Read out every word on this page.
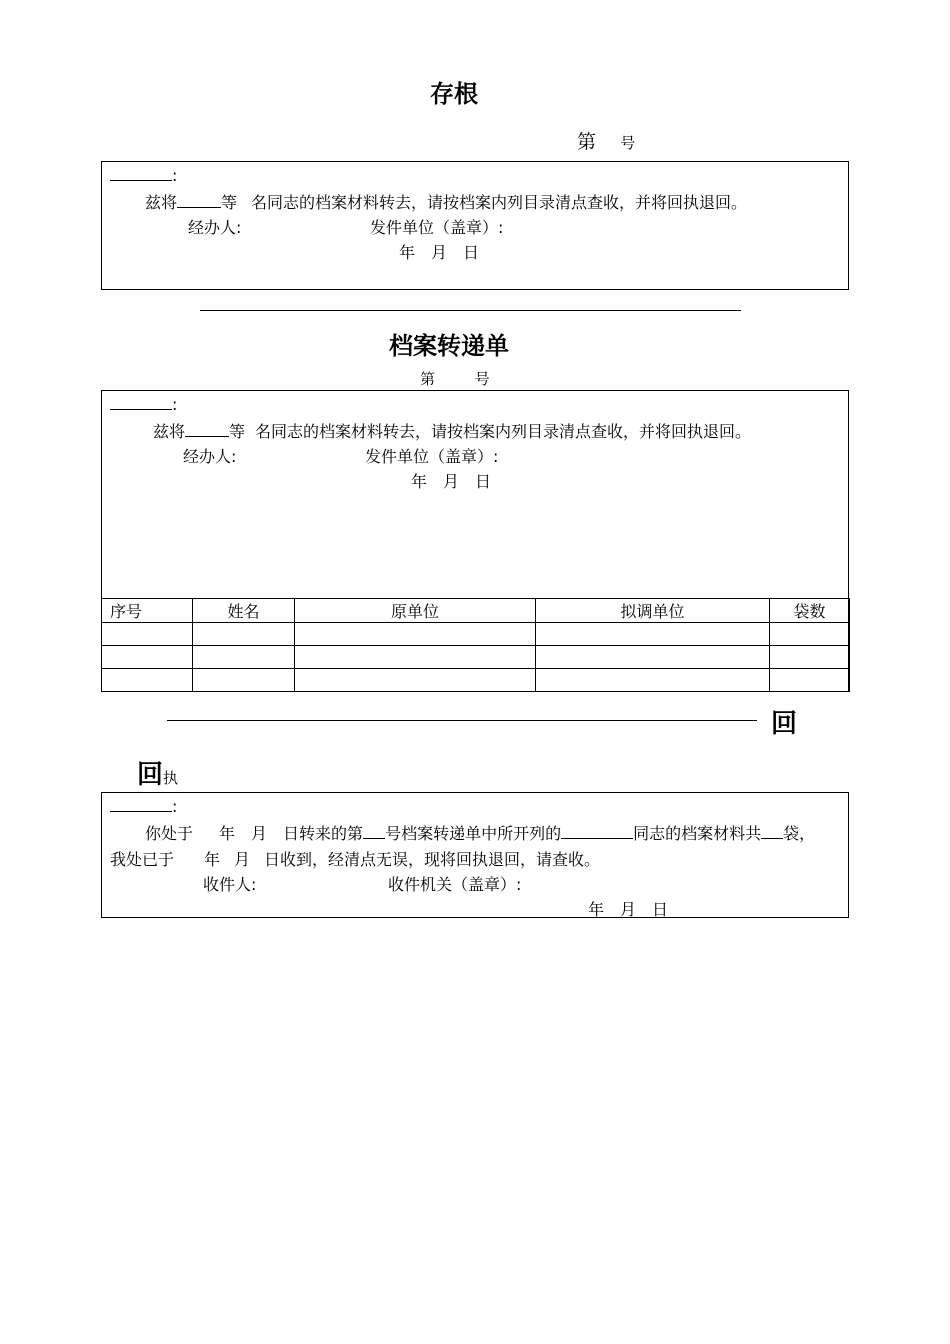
存根
第 号
:
兹将	等 名同志的档案材料转去，请按档案内列目录清点查收，并将回执退回。
经办人:	发件单位（盖章）:
年　月　日
档案转递单
第	号
:
兹将	等 名同志的档案材料转去，请按档案内列目录清点查收，并将回执退回。
经办人:	发件单位（盖章）:
年　月　日
序号	姓名	原单位	拟调单位	袋数

回
回执
:
你处于 年 月 日转来的第 号档案转递单中所开列的	同志的档案材料共 袋，
我处已于 年 月 日收到，经清点无误，现将回执退回，请查收。
收件人:	收件机关（盖章）:
年　月　日
